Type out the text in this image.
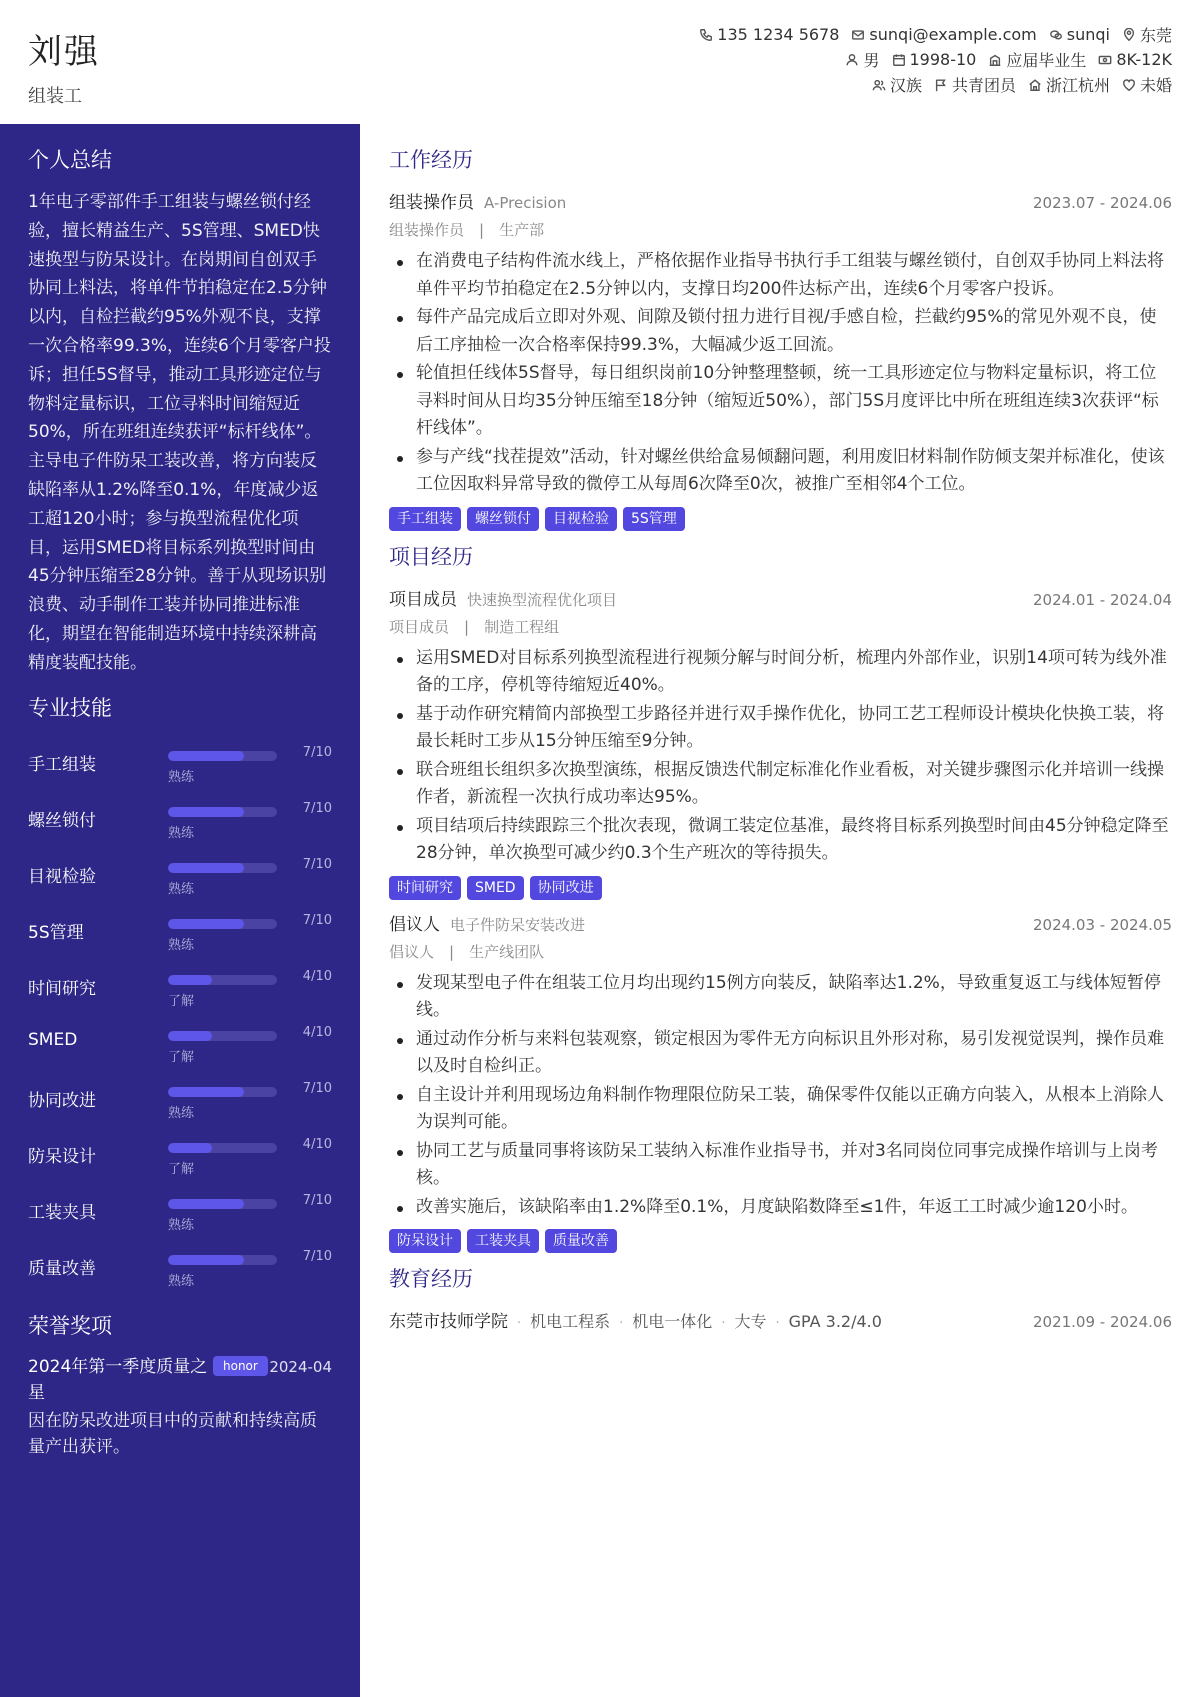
刘强
组装工
135 1234 5678 sunqi@example.com sunqi 东莞
男 1998-10 应届毕业生 8K-12K
汉族 共青团员 浙江杭州 未婚
个人总结
1年电子零部件手工组装与螺丝锁付经验，擅长精益生产、5S管理、SMED快速换型与防呆设计。在岗期间自创双手协同上料法，将单件节拍稳定在2.5分钟以内，自检拦截约95%外观不良，支撑一次合格率99.3%，连续6个月零客户投诉；担任5S督导，推动工具形迹定位与物料定量标识，工位寻料时间缩短近50%，所在班组连续获评“标杆线体”。主导电子件防呆工装改善，将方向装反缺陷率从1.2%降至0.1%，年度减少返工超120小时；参与换型流程优化项目，运用SMED将目标系列换型时间由45分钟压缩至28分钟。善于从现场识别浪费、动手制作工装并协同推进标准化，期望在智能制造环境中持续深耕高精度装配技能。
专业技能
手工组装
7/10
熟练
螺丝锁付
7/10
熟练
目视检验
7/10
熟练
5S管理
7/10
熟练
时间研究
4/10
了解
SMED	4/10
了解
协同改进
7/10
熟练
防呆设计
4/10
了解
工装夹具
7/10
熟练
质量改善
7/10
熟练
荣誉奖项
2024年第一季度质量之星
honor 2024-04
因在防呆改进项目中的贡献和持续高质量产出获评。
工作经历
组装操作员 A-Precision	2023.07 - 2024.06
组装操作员　|　生产部
在消费电子结构件流水线上，严格依据作业指导书执行手工组装与螺丝锁付，自创双手协同上料法将单件平均节拍稳定在2.5分钟以内，支撑日均200件达标产出，连续6个月零客户投诉。
每件产品完成后立即对外观、间隙及锁付扭力进行目视/手感自检，拦截约95%的常见外观不良，使后工序抽检一次合格率保持99.3%，大幅减少返工回流。
轮值担任线体5S督导，每日组织岗前10分钟整理整顿，统一工具形迹定位与物料定量标识，将工位寻料时间从日均35分钟压缩至18分钟（缩短近50%），部门5S月度评比中所在班组连续3次获评“标杆线体”。
参与产线“找茬提效”活动，针对螺丝供给盒易倾翻问题，利用废旧材料制作防倾支架并标准化，使该工位因取料异常导致的微停工从每周6次降至0次，被推广至相邻4个工位。
手工组装	螺丝锁付	目视检验	5S管理
项目经历
项目成员 快速换型流程优化项目	2024.01 - 2024.04
项目成员　|　制造工程组
运用SMED对目标系列换型流程进行视频分解与时间分析，梳理内外部作业，识别14项可转为线外准备的工序，停机等待缩短近40%。
基于动作研究精简内部换型工步路径并进行双手操作优化，协同工艺工程师设计模块化快换工装，将最长耗时工步从15分钟压缩至9分钟。
联合班组长组织多次换型演练，根据反馈迭代制定标准化作业看板，对关键步骤图示化并培训一线操作者，新流程一次执行成功率达95%。
项目结项后持续跟踪三个批次表现，微调工装定位基准，最终将目标系列换型时间由45分钟稳定降至28分钟，单次换型可减少约0.3个生产班次的等待损失。
时间研究	SMED	协同改进
倡议人 电子件防呆安装改进	2024.03 - 2024.05
倡议人　|　生产线团队
发现某型电子件在组装工位月均出现约15例方向装反，缺陷率达1.2%，导致重复返工与线体短暂停线。
通过动作分析与来料包装观察，锁定根因为零件无方向标识且外形对称，易引发视觉误判，操作员难以及时自检纠正。
自主设计并利用现场边角料制作物理限位防呆工装，确保零件仅能以正确方向装入，从根本上消除人为误判可能。
协同工艺与质量同事将该防呆工装纳入标准作业指导书，并对3名同岗位同事完成操作培训与上岗考核。
改善实施后，该缺陷率由1.2%降至0.1%，月度缺陷数降至≤1件，年返工工时减少逾120小时。
防呆设计	工装夹具	质量改善
教育经历
东莞市技师学院 · 机电工程系 · 机电一体化 · 大专 · GPA 3.2/4.0	2021.09 - 2024.06
